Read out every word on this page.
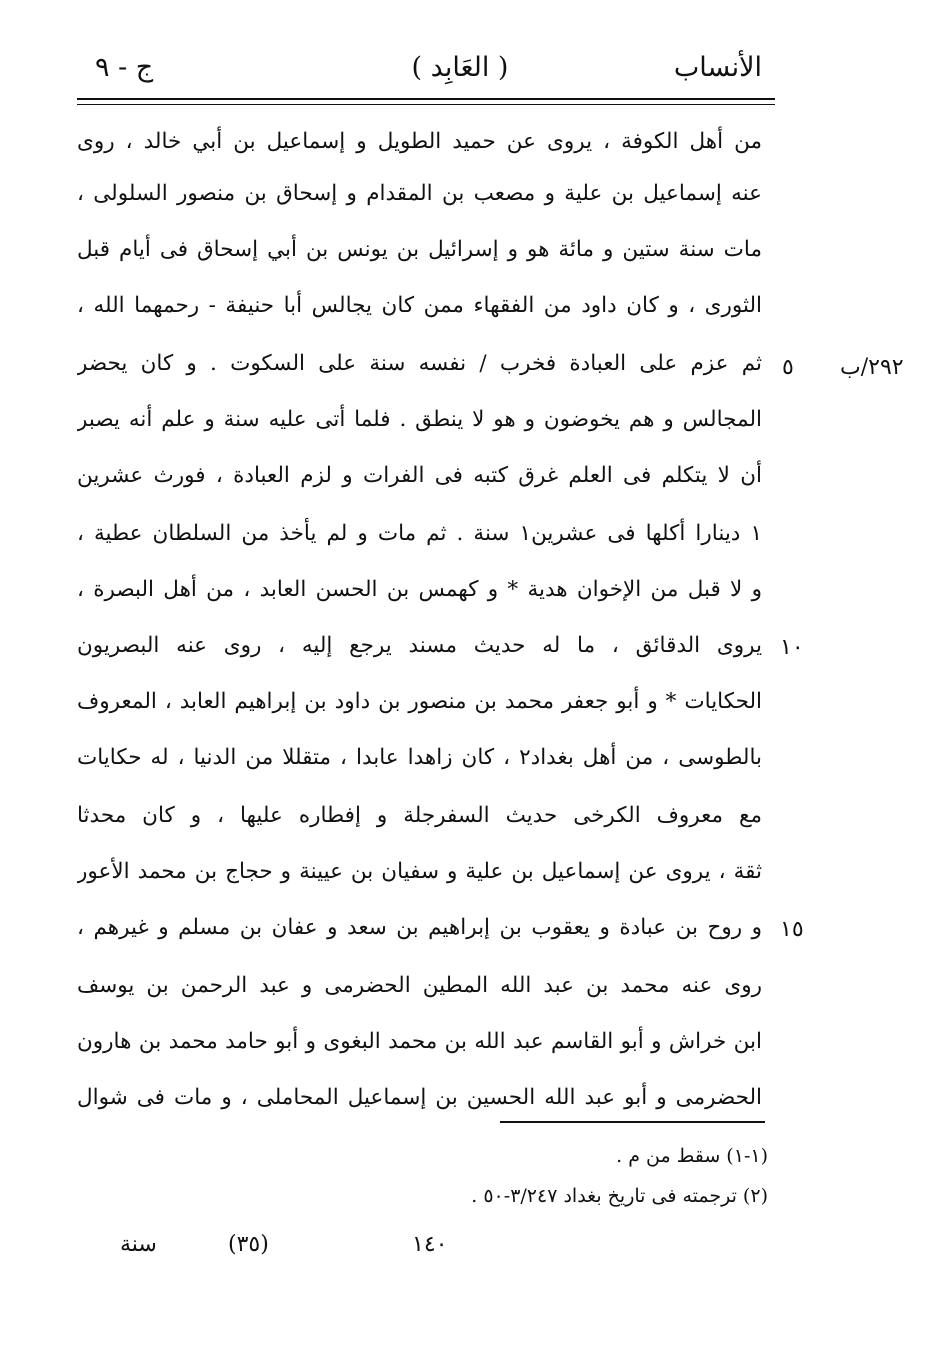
ج - ٩	( العَابِد )	الأنساب
من أهل الكوفة ، يروى عن حميد الطويل و إسماعيل بن أبي خالد ، روى
عنه إسماعيل بن علية و مصعب بن المقدام و إسحاق بن منصور السلولى ،
مات سنة ستين و مائة هو و إسرائيل بن يونس بن أبي إسحاق فى أيام قبل
الثورى ، و كان داود من الفقهاء ممن كان يجالس أبا حنيفة - رحمهما الله ،
ثم عزم على العبادة فخرب / نفسه سنة على السكوت . و كان يحضر
المجالس و هم يخوضون و هو لا ينطق . فلما أتى عليه سنة و علم أنه يصبر
أن لا يتكلم فى العلم غرق كتبه فى الفرات و لزم العبادة ، فورث عشرين
١ دينارا أكلها فى عشرين١ سنة . ثم مات و لم يأخذ من السلطان عطية ،
و لا قبل من الإخوان هدية * و كهمس بن الحسن العابد ، من أهل البصرة ،
يروى الدقائق ، ما له حديث مسند يرجع إليه ، روى عنه البصريون
الحكايات * و أبو جعفر محمد بن منصور بن داود بن إبراهيم العابد ، المعروف
بالطوسى ، من أهل بغداد٢ ، كان زاهدا عابدا ، متقللا من الدنيا ، له حكايات
مع معروف الكرخى حديث السفرجلة و إفطاره عليها ، و كان محدثا
ثقة ، يروى عن إسماعيل بن علية و سفيان بن عيينة و حجاج بن محمد الأعور
و روح بن عبادة و يعقوب بن إبراهيم بن سعد و عفان بن مسلم و غيرهم ،
روى عنه محمد بن عبد الله المطين الحضرمى و عبد الرحمن بن يوسف
ابن خراش و أبو القاسم عبد الله بن محمد البغوى و أبو حامد محمد بن هارون
الحضرمى و أبو عبد الله الحسين بن إسماعيل المحاملى ، و مات فى شوال
٢٩٢/ب
٥
١٠
١٥
(١-١) سقط من م .
(٢) ترجمته فى تاريخ بغداد ٣/٢٤٧-٥٠ .
سنة	(٣٥)	١٤٠
